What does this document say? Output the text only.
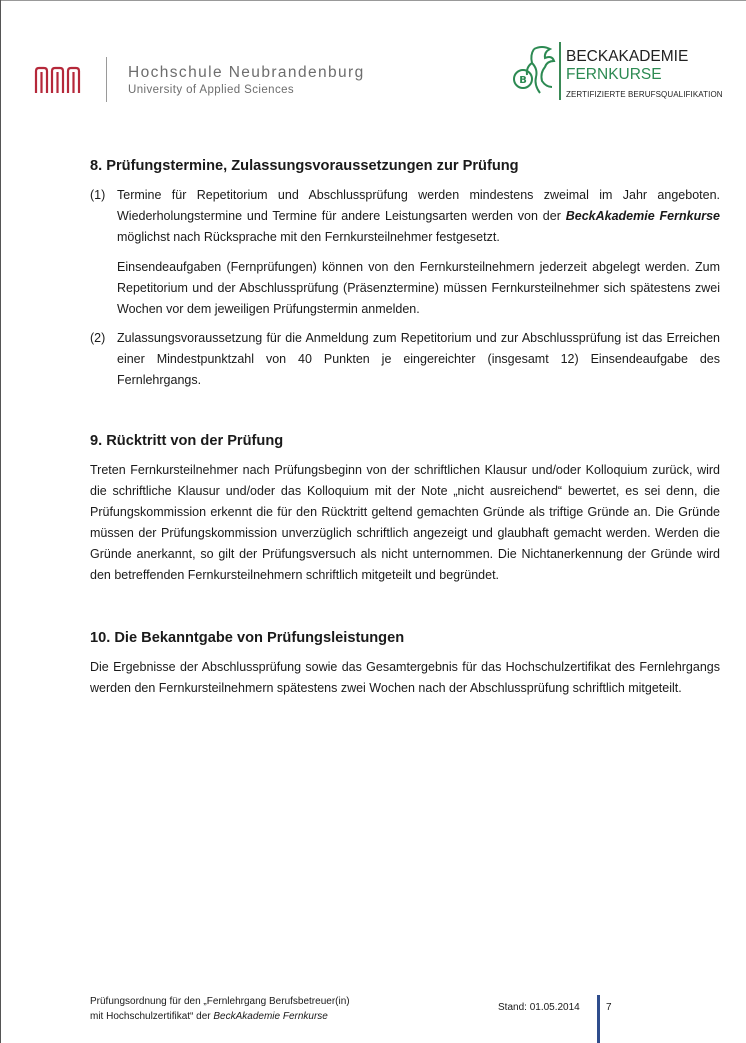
Hochschule Neubrandenburg
University of Applied Sciences
B
BECKAKADEMIE
FERNKURSE
ZERTIFIZIERTE BERUFSQUALIFIKATION
8. Prüfungstermine, Zulassungsvoraussetzungen zur Prüfung
(1) Termine für Repetitorium und Abschlussprüfung werden mindestens zweimal im Jahr angeboten. Wiederholungstermine und Termine für andere Leistungsarten werden von der BeckAkademie Fernkurse möglichst nach Rücksprache mit den Fernkursteilnehmer festgesetzt.

Einsendeaufgaben (Fernprüfungen) können von den Fernkursteilnehmern jederzeit abgelegt werden. Zum Repetitorium und der Abschlussprüfung (Präsenztermine) müssen Fernkursteilnehmer sich spätestens zwei Wochen vor dem jeweiligen Prüfungstermin anmelden.

(2) Zulassungsvoraussetzung für die Anmeldung zum Repetitorium und zur Abschlussprüfung ist das Erreichen einer Mindestpunktzahl von 40 Punkten je eingereichter (insgesamt 12) Einsendeaufgabe des Fernlehrgangs.

9. Rücktritt von der Prüfung

Treten Fernkursteilnehmer nach Prüfungsbeginn von der schriftlichen Klausur und/oder Kolloquium zurück, wird die schriftliche Klausur und/oder das Kolloquium mit der Note „nicht ausreichend“ bewertet, es sei denn, die Prüfungskommission erkennt die für den Rücktritt geltend gemachten Gründe als triftige Gründe an. Die Gründe müssen der Prüfungskommission unverzüglich schriftlich angezeigt und glaubhaft gemacht werden. Werden die Gründe anerkannt, so gilt der Prüfungsversuch als nicht unternommen. Die Nichtanerkennung der Gründe wird den betreffenden Fernkursteilnehmern schriftlich mitgeteilt und begründet.

10. Die Bekanntgabe von Prüfungsleistungen

Die Ergebnisse der Abschlussprüfung sowie das Gesamtergebnis für das Hochschulzertifikat des Fernlehrgangs werden den Fernkursteilnehmern spätestens zwei Wochen nach der Abschlussprüfung schriftlich mitgeteilt.

Prüfungsordnung für den „Fernlehrgang Berufsbetreuer(in)
mit Hochschulzertifikat“ der BeckAkademie Fernkurse
Stand: 01.05.2014	7
